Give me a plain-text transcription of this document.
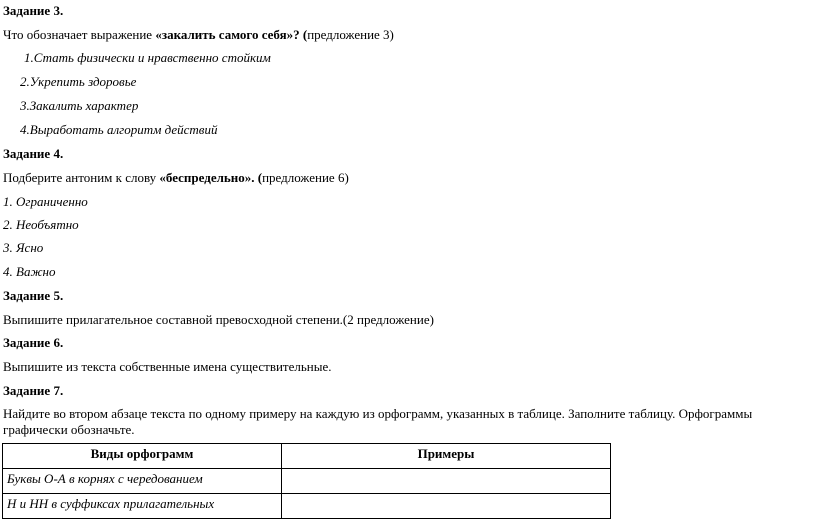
Задание 3.
Что обозначает выражение «закалить самого себя»? (предложение 3)
1.Стать физически и нравственно стойким
2.Укрепить здоровье
3.Закалить характер
4.Выработать алгоритм действий
Задание 4.
Подберите антоним к слову «беспредельно». (предложение 6)
1. Ограниченно
2. Необъятно
3. Ясно
4. Важно
Задание 5.
Выпишите прилагательное составной превосходной степени.(2 предложение)
Задание 6.
Выпишите из текста собственные имена существительные.
Задание 7.
Найдите во втором абзаце текста по одному примеру на каждую из орфограмм, указанных в таблице. Заполните таблицу. Орфограммы графически обозначьте.
Виды орфограмм	Примеры
Буквы О-А в корнях с чередованием	
Н и НН в суффиксах прилагательных	
